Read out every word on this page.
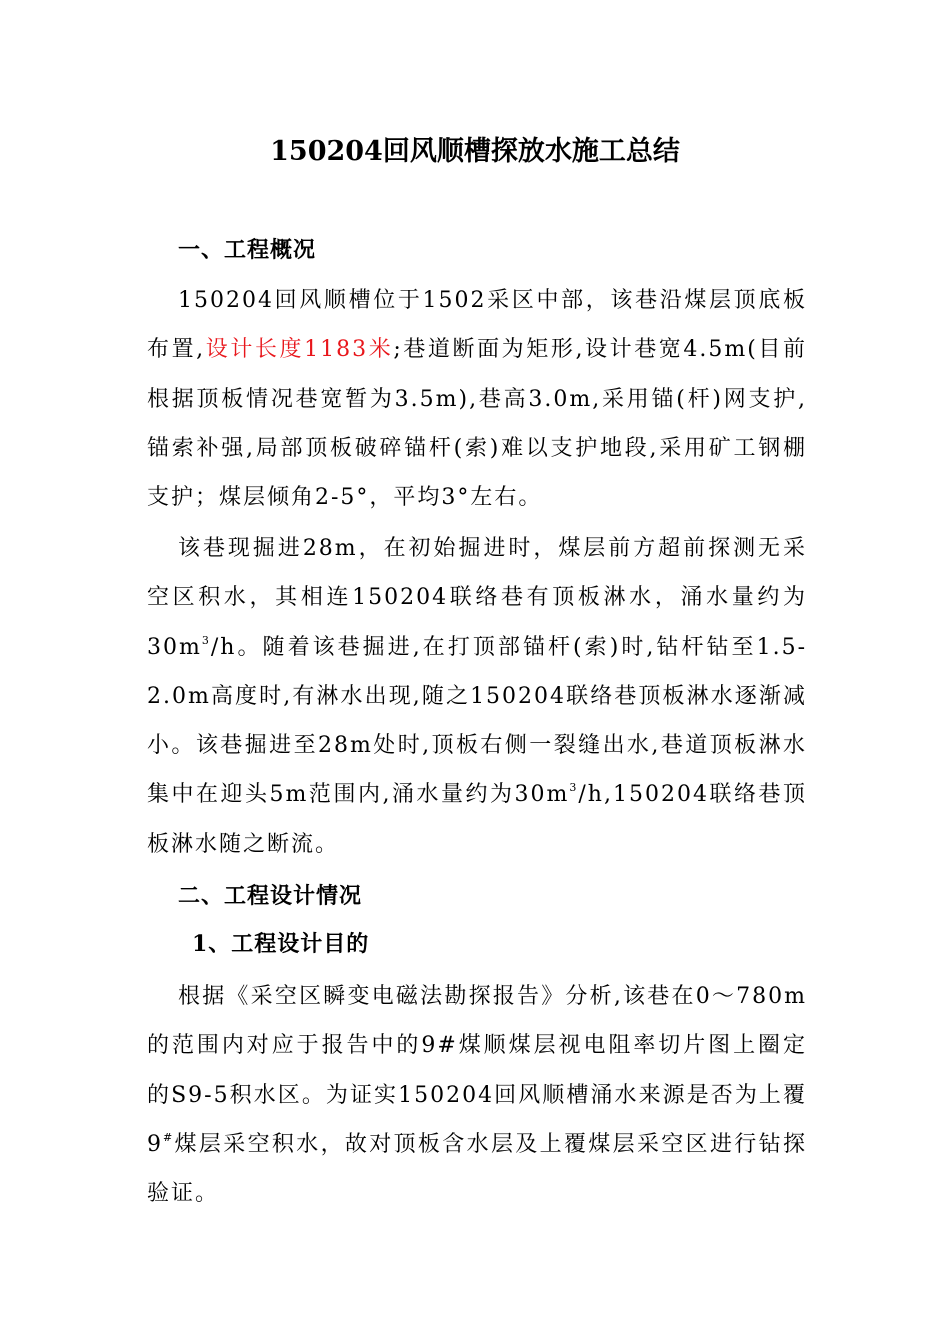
150204回风顺槽探放水施工总结
一、工程概况
150204回风顺槽位于1502采区中部，该巷沿煤层顶底板布置,设计长度1183米;巷道断面为矩形,设计巷宽4.5m(目前根据顶板情况巷宽暂为3.5m),巷高3.0m,采用锚(杆)网支护,锚索补强,局部顶板破碎锚杆(索)难以支护地段,采用矿工钢棚支护；煤层倾角2-5°，平均3°左右。
该巷现掘进28m，在初始掘进时，煤层前方超前探测无采空区积水，其相连150204联络巷有顶板淋水，涌水量约为$30m^3/h$。随着该巷掘进,在打顶部锚杆(索)时,钻杆钻至1.5-2.0m高度时,有淋水出现,随之150204联络巷顶板淋水逐渐减小。该巷掘进至28m处时,顶板右侧一裂缝出水,巷道顶板淋水集中在迎头5m范围内,涌水量约为$30m^3/h,150204$联络巷顶板淋水随之断流。
二、工程设计情况
1、工程设计目的
根据《采空区瞬变电磁法勘探报告》分析,该巷在0～780m的范围内对应于报告中的9#煤顺煤层视电阻率切片图上圈定的S9-5积水区。为证实150204回风顺槽涌水来源是否为上覆9#煤层采空积水，故对顶板含水层及上覆煤层采空区进行钻探验证。
